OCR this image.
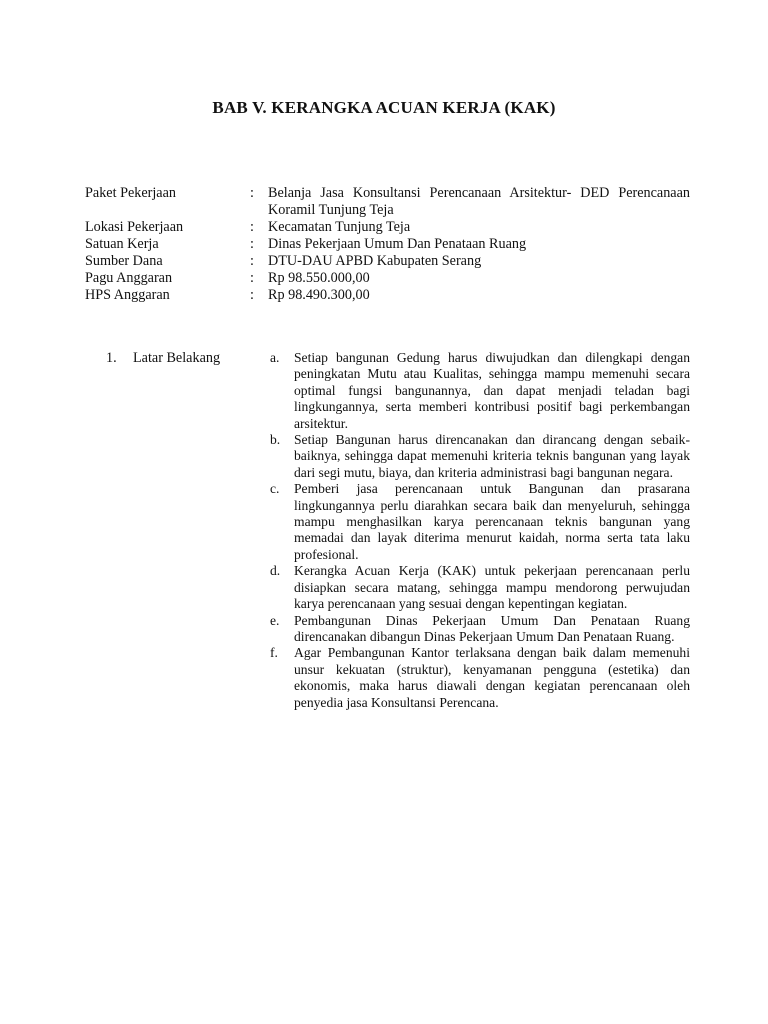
BAB V. KERANGKA ACUAN KERJA (KAK)
Paket Pekerjaan	: Belanja Jasa Konsultansi Perencanaan Arsitektur- DED Perencanaan Koramil Tunjung Teja
Lokasi Pekerjaan	: Kecamatan Tunjung Teja
Satuan Kerja	: Dinas Pekerjaan Umum Dan Penataan Ruang
Sumber Dana	: DTU-DAU APBD Kabupaten Serang
Pagu Anggaran	: Rp 98.550.000,00
HPS Anggaran	: Rp 98.490.300,00
1. Latar Belakang	a.	Setiap bangunan Gedung harus diwujudkan dan dilengkapi dengan peningkatan Mutu atau Kualitas, sehingga mampu memenuhi secara optimal fungsi bangunannya, dan dapat menjadi teladan bagi lingkungannya, serta memberi kontribusi positif bagi perkembangan arsitektur.
b.	Setiap Bangunan harus direncanakan dan dirancang dengan sebaik- baiknya, sehingga dapat memenuhi kriteria teknis bangunan yang layak dari segi mutu, biaya, dan kriteria administrasi bagi bangunan negara.
c.	Pemberi jasa perencanaan untuk Bangunan dan prasarana lingkungannya perlu diarahkan secara baik dan menyeluruh, sehingga mampu menghasilkan karya perencanaan teknis bangunan yang memadai dan layak diterima menurut kaidah, norma serta tata laku profesional.
d.	Kerangka Acuan Kerja (KAK) untuk pekerjaan perencanaan perlu disiapkan secara matang, sehingga mampu mendorong perwujudan karya perencanaan yang sesuai dengan kepentingan kegiatan.
e.	Pembangunan Dinas Pekerjaan Umum Dan Penataan Ruang direncanakan dibangun Dinas Pekerjaan Umum Dan Penataan Ruang.
f.	Agar Pembangunan Kantor terlaksana dengan baik dalam memenuhi unsur kekuatan (struktur), kenyamanan pengguna (estetika) dan ekonomis, maka harus diawali dengan kegiatan perencanaan oleh penyedia jasa Konsultansi Perencana.
